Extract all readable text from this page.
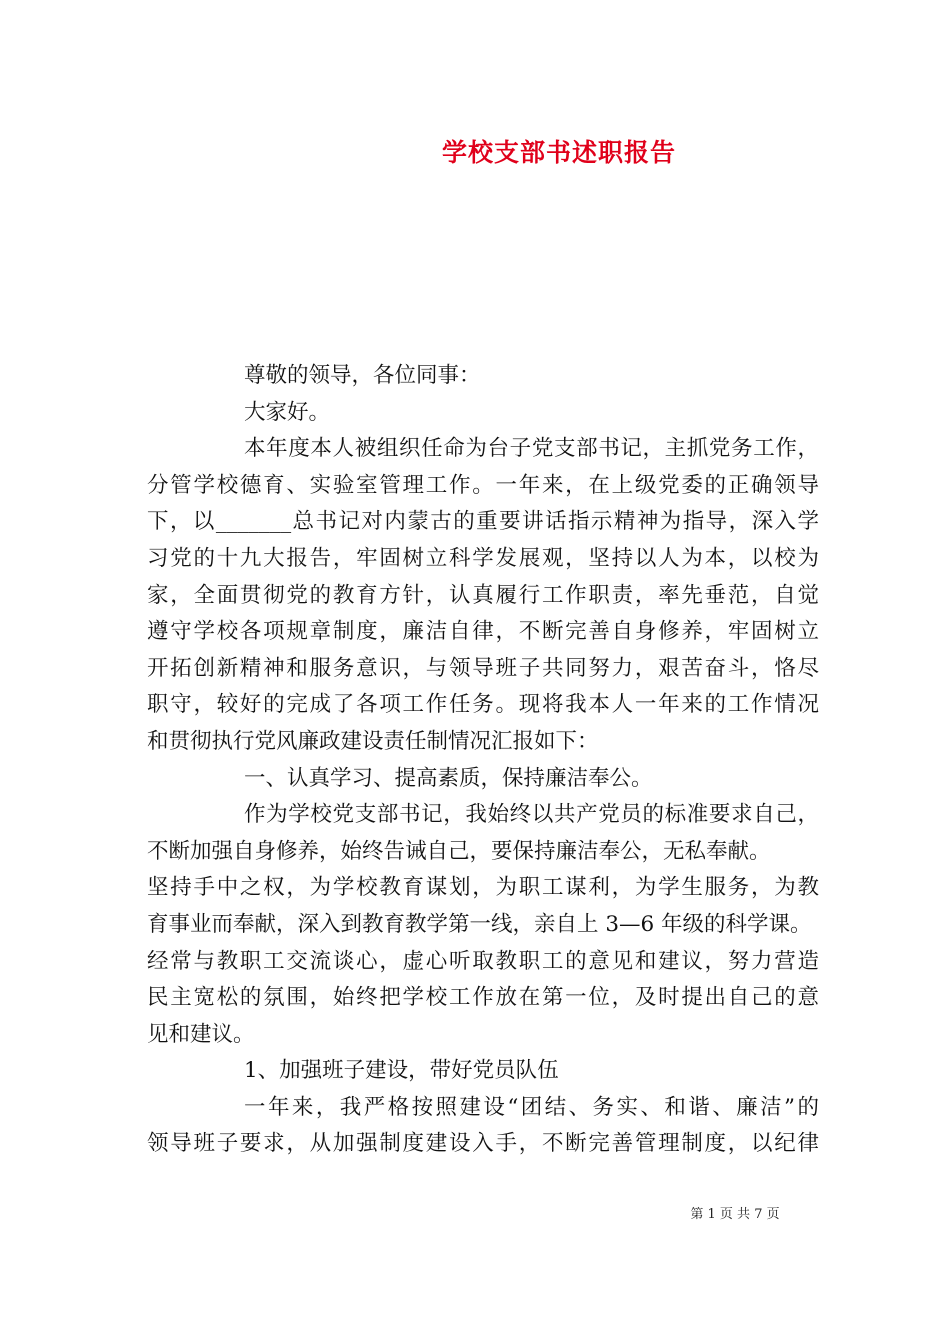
学校支部书述职报告
尊敬的领导，各位同事：
大家好。
本年度本人被组织任命为台子党支部书记，主抓党务工作，
分管学校德育、实验室管理工作。一年来，在上级党委的正确领导
下，以_______总书记对内蒙古的重要讲话指示精神为指导，深入学
习党的十九大报告，牢固树立科学发展观，坚持以人为本，以校为
家，全面贯彻党的教育方针，认真履行工作职责，率先垂范，自觉
遵守学校各项规章制度，廉洁自律，不断完善自身修养，牢固树立
开拓创新精神和服务意识，与领导班子共同努力，艰苦奋斗，恪尽
职守，较好的完成了各项工作任务。现将我本人一年来的工作情况
和贯彻执行党风廉政建设责任制情况汇报如下：
一、认真学习、提高素质，保持廉洁奉公。
作为学校党支部书记，我始终以共产党员的标准要求自己，
不断加强自身修养，始终告诫自己，要保持廉洁奉公，无私奉献。
坚持手中之权，为学校教育谋划，为职工谋利，为学生服务，为教
育事业而奉献，深入到教育教学第一线，亲自上 3—6 年级的科学课。
经常与教职工交流谈心，虚心听取教职工的意见和建议，努力营造
民主宽松的氛围，始终把学校工作放在第一位，及时提出自己的意
见和建议。
1、加强班子建设，带好党员队伍
一年来，我严格按照建设“团结、务实、和谐、廉洁”的
领导班子要求，从加强制度建设入手，不断完善管理制度，以纪律
第 1 页 共 7 页
